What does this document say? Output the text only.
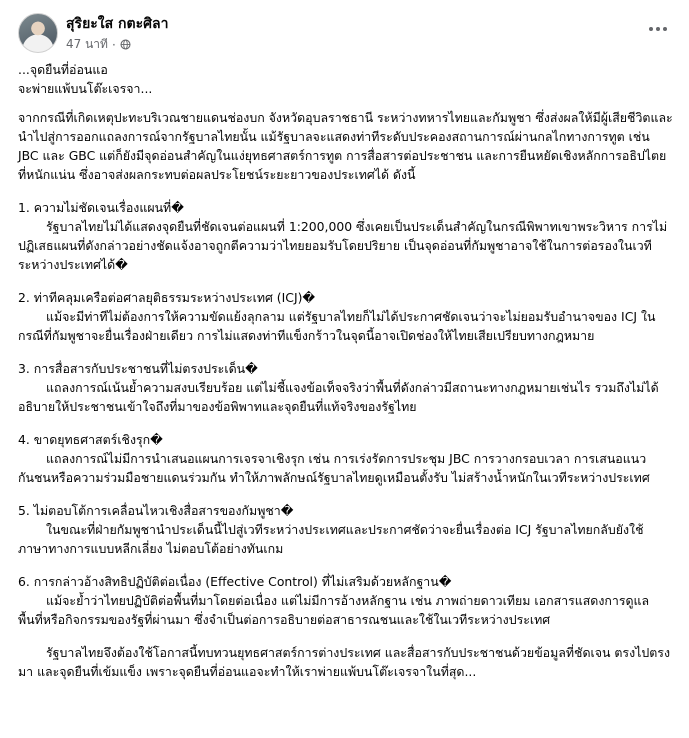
สุริยะใส กตะศิลา
47 นาที ·

...จุดยืนที่อ่อนแอ

จะพ่ายแพ้บนโต๊ะเจรจา...

จากกรณีที่เกิดเหตุปะทะบริเวณชายแดนช่องบก จังหวัดอุบลราชธานี ระหว่างทหารไทยและกัมพูชา ซึ่งส่งผลให้มีผู้เสียชีวิตและนำไปสู่การออกแถลงการณ์จากรัฐบาลไทยนั้น แม้รัฐบาลจะแสดงท่าทีระดับประคองสถานการณ์ผ่านกลไกทางการทูต เช่น JBC และ GBC แต่ก็ยังมีจุดอ่อนสำคัญในแง่ยุทธศาสตร์การทูต การสื่อสารต่อประชาชน และการยืนหยัดเชิงหลักการอธิปไตยที่หนักแน่น ซึ่งอาจส่งผลกระทบต่อผลประโยชน์ระยะยาวของประเทศได้ ดังนี้

1. ความไม่ชัดเจนเรื่องแผนที่�

รัฐบาลไทยไม่ได้แสดงจุดยืนที่ชัดเจนต่อแผนที่ 1:200,000 ซึ่งเคยเป็นประเด็นสำคัญในกรณีพิพาทเขาพระวิหาร การไม่ปฏิเสธแผนที่ดังกล่าวอย่างชัดแจ้งอาจถูกตีความว่าไทยยอมรับโดยปริยาย เป็นจุดอ่อนที่กัมพูชาอาจใช้ในการต่อรองในเวทีระหว่างประเทศได้�

2. ท่าทีคลุมเครือต่อศาลยุติธรรมระหว่างประเทศ (ICJ)�

แม้จะมีท่าทีไม่ต้องการให้ความขัดแย้งลุกลาม แต่รัฐบาลไทยก็ไม่ได้ประกาศชัดเจนว่าจะไม่ยอมรับอำนาจของ ICJ ในกรณีที่กัมพูชาจะยื่นเรื่องฝ่ายเดียว การไม่แสดงท่าทีแข็งกร้าวในจุดนี้อาจเปิดช่องให้ไทยเสียเปรียบทางกฎหมาย

3. การสื่อสารกับประชาชนที่ไม่ตรงประเด็น�

แถลงการณ์เน้นย้ำความสงบเรียบร้อย แต่ไม่ชี้แจงข้อเท็จจริงว่าพื้นที่ดังกล่าวมีสถานะทางกฎหมายเช่นไร รวมถึงไม่ได้อธิบายให้ประชาชนเข้าใจถึงที่มาของข้อพิพาทและจุดยืนที่แท้จริงของรัฐไทย

4. ขาดยุทธศาสตร์เชิงรุก�

แถลงการณ์ไม่มีการนำเสนอแผนการเจรจาเชิงรุก เช่น การเร่งรัดการประชุม JBC การวางกรอบเวลา การเสนอแนวกันชนหรือความร่วมมือชายแดนร่วมกัน ทำให้ภาพลักษณ์รัฐบาลไทยดูเหมือนตั้งรับ ไม่สร้างน้ำหนักในเวทีระหว่างประเทศ

5. ไม่ตอบโต้การเคลื่อนไหวเชิงสื่อสารของกัมพูชา�

ในขณะที่ฝ่ายกัมพูชานำประเด็นนี้ไปสู่เวทีระหว่างประเทศและประกาศชัดว่าจะยื่นเรื่องต่อ ICJ รัฐบาลไทยกลับยังใช้ภาษาทางการแบบหลีกเลี่ยง ไม่ตอบโต้อย่างทันเกม

6. การกล่าวอ้างสิทธิปฏิบัติต่อเนื่อง (Effective Control) ที่ไม่เสริมด้วยหลักฐาน�

แม้จะย้ำว่าไทยปฏิบัติต่อพื้นที่มาโดยต่อเนื่อง แต่ไม่มีการอ้างหลักฐาน เช่น ภาพถ่ายดาวเทียม เอกสารแสดงการดูแลพื้นที่หรือกิจกรรมของรัฐที่ผ่านมา ซึ่งจำเป็นต่อการอธิบายต่อสาธารณชนและใช้ในเวทีระหว่างประเทศ

รัฐบาลไทยจึงต้องใช้โอกาสนี้ทบทวนยุทธศาสตร์การต่างประเทศ และสื่อสารกับประชาชนด้วยข้อมูลที่ชัดเจน ตรงไปตรงมา และจุดยืนที่เข้มแข็ง เพราะจุดยืนที่อ่อนแอจะทำให้เราพ่ายแพ้บนโต๊ะเจรจาในที่สุด...
